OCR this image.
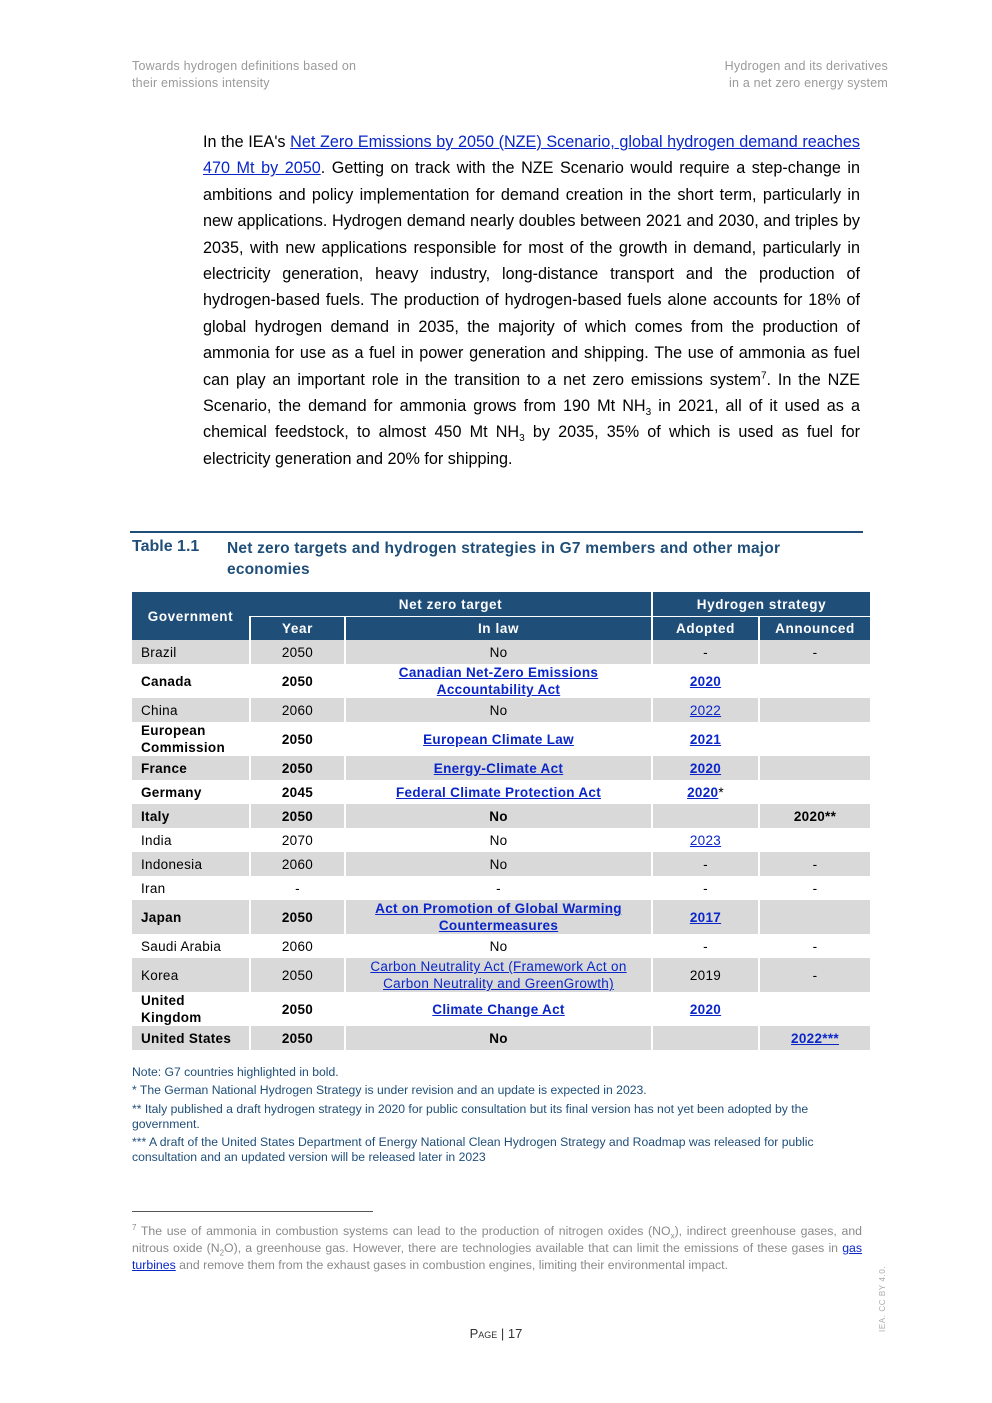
Towards hydrogen definitions based on
their emissions intensity
Hydrogen and its derivatives
in a net zero energy system
In the IEA's Net Zero Emissions by 2050 (NZE) Scenario, global hydrogen demand reaches 470 Mt by 2050. Getting on track with the NZE Scenario would require a step-change in ambitions and policy implementation for demand creation in the short term, particularly in new applications. Hydrogen demand nearly doubles between 2021 and 2030, and triples by 2035, with new applications responsible for most of the growth in demand, particularly in electricity generation, heavy industry, long-distance transport and the production of hydrogen-based fuels. The production of hydrogen-based fuels alone accounts for 18% of global hydrogen demand in 2035, the majority of which comes from the production of ammonia for use as a fuel in power generation and shipping. The use of ammonia as fuel can play an important role in the transition to a net zero emissions system$^7$. In the NZE Scenario, the demand for ammonia grows from 190 Mt $NH_3$ in 2021, all of it used as a chemical feedstock, to almost 450 Mt $NH_3$ by 2035, 35% of which is used as fuel for electricity generation and 20% for shipping.
Table 1.1 Net zero targets and hydrogen strategies in G7 members and other major economies
Government	Net zero target		Hydrogen strategy	
	Year	In law	Adopted	Announced
Brazil	2050	No	-	-
Canada	2050	Canadian Net-Zero Emissions Accountability Act	2020	
China	2060	No	2022	
European Commission	2050	European Climate Law	2021	
France	2050	Energy-Climate Act	2020	
Germany	2045	Federal Climate Protection Act	2020*	
Italy	2050	No		2020**
India	2070	No	2023	
Indonesia	2060	No	-	-
Iran	-	-	-	-
Japan	2050	Act on Promotion of Global Warming Countermeasures	2017	
Saudi Arabia	2060	No	-	-
Korea	2050	Carbon Neutrality Act (Framework Act on Carbon Neutrality and GreenGrowth)	2019	-
United Kingdom	2050	Climate Change Act	2020	
United States	2050	No		2022***

Note: G7 countries highlighted in bold.

* The German National Hydrogen Strategy is under revision and an update is expected in 2023.

** Italy published a draft hydrogen strategy in 2020 for public consultation but its final version has not yet been adopted by the government.

*** A draft of the United States Department of Energy National Clean Hydrogen Strategy and Roadmap was released for public consultation and an updated version will be released later in 2023

$^7$ The use of ammonia in combustion systems can lead to the production of nitrogen oxides $(NO_x)$, indirect greenhouse gases, and nitrous oxide $(N_2O)$, a greenhouse gas. However, there are technologies available that can limit the emissions of these gases in gas turbines and remove them from the exhaust gases in combustion engines, limiting their environmental impact.
Page | 17
IEA. CC BY 4.0.
